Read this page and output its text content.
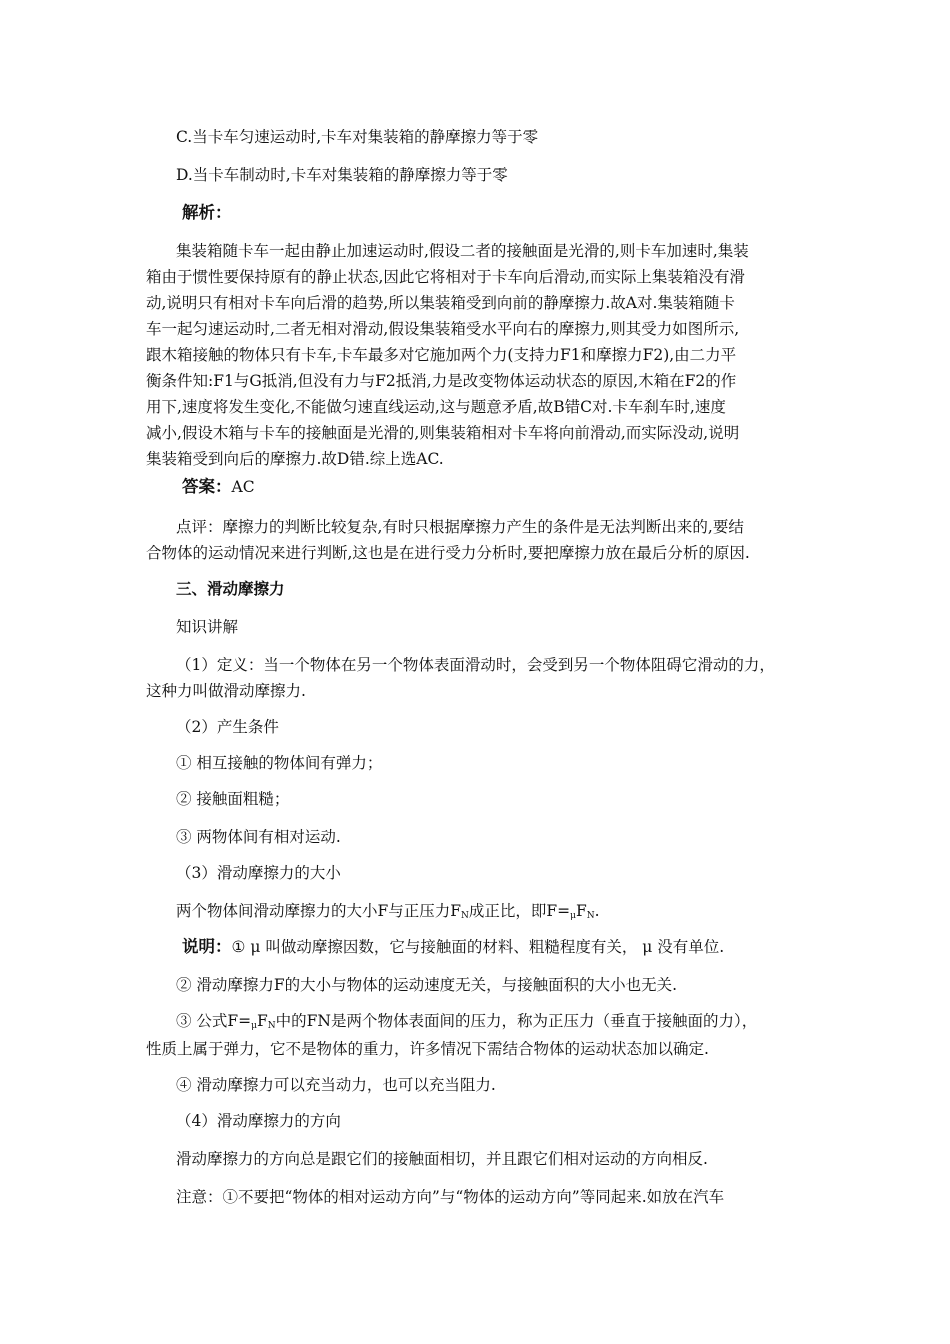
C.当卡车匀速运动时,卡车对集装箱的静摩擦力等于零

D.当卡车制动时,卡车对集装箱的静摩擦力等于零

解析：

集装箱随卡车一起由静止加速运动时,假设二者的接触面是光滑的,则卡车加速时,集装

箱由于惯性要保持原有的静止状态,因此它将相对于卡车向后滑动,而实际上集装箱没有滑

动,说明只有相对卡车向后滑的趋势,所以集装箱受到向前的静摩擦力.故A对.集装箱随卡

车一起匀速运动时,二者无相对滑动,假设集装箱受水平向右的摩擦力,则其受力如图所示,

跟木箱接触的物体只有卡车,卡车最多对它施加两个力(支持力F1和摩擦力F2),由二力平

衡条件知:F1与G抵消,但没有力与F2抵消,力是改变物体运动状态的原因,木箱在F2的作

用下,速度将发生变化,不能做匀速直线运动,这与题意矛盾,故B错C对.卡车刹车时,速度

减小,假设木箱与卡车的接触面是光滑的,则集装箱相对卡车将向前滑动,而实际没动,说明

集装箱受到向后的摩擦力.故D错.综上选AC.

答案：AC

点评：摩擦力的判断比较复杂,有时只根据摩擦力产生的条件是无法判断出来的,要结

合物体的运动情况来进行判断,这也是在进行受力分析时,要把摩擦力放在最后分析的原因.

三、滑动摩擦力

知识讲解

（1）定义：当一个物体在另一个物体表面滑动时，会受到另一个物体阻碍它滑动的力，

这种力叫做滑动摩擦力.

（2）产生条件

① 相互接触的物体间有弹力；

② 接触面粗糙；

③ 两物体间有相对运动.

（3）滑动摩擦力的大小

两个物体间滑动摩擦力的大小F与正压力$F_N$成正比，即$F=_\mu F_N$.

说明：① μ 叫做动摩擦因数，它与接触面的材料、粗糙程度有关， μ 没有单位.

② 滑动摩擦力F的大小与物体的运动速度无关，与接触面积的大小也无关.

③ 公式$F=_\mu F_N$中的FN是两个物体表面间的压力，称为正压力（垂直于接触面的力），

性质上属于弹力，它不是物体的重力，许多情况下需结合物体的运动状态加以确定.

④ 滑动摩擦力可以充当动力，也可以充当阻力.

（4）滑动摩擦力的方向

滑动摩擦力的方向总是跟它们的接触面相切，并且跟它们相对运动的方向相反.

注意：①不要把“物体的相对运动方向”与“物体的运动方向”等同起来.如放在汽车
